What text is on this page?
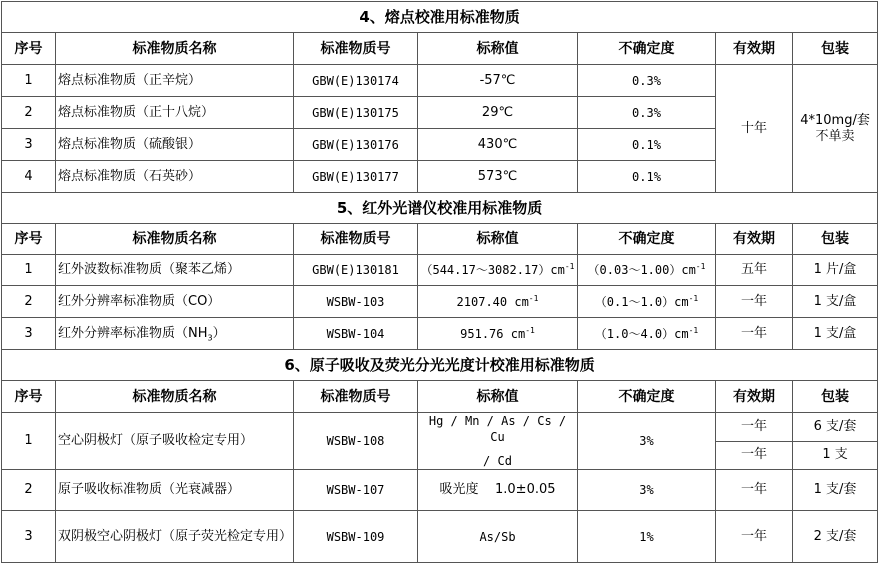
4、熔点校准用标准物质						
序号	标准物质名称	标准物质号	标称值	不确定度	有效期	包装
1	熔点标准物质（正辛烷）	GBW(E)130174	-57℃	0.3%	十年	4*10mg/套
不单卖

2	熔点标准物质（正十八烷）	GBW(E)130175	29℃	0.3%		
3	熔点标准物质（硫酸银）	GBW(E)130176	430℃	0.1%		
4	熔点标准物质（石英砂）	GBW(E)130177	573℃	0.1%		
5、红外光谱仪校准用标准物质						
序号	标准物质名称	标准物质号	标称值	不确定度	有效期	包装
1	红外波数标准物质（聚苯乙烯）	GBW(E)130181	$(544.17\sim 3082.17)cm^{-1}$	$(0.03\sim 1.00)cm^{-1}$	五年	1 片/盒
2	红外分辨率标准物质（CO）	WSBW-103	2107.40 $cm^{-1}$	$(0.1\sim 1.0)cm^{-1}$	一年	1 支/盒
3	红外分辨率标准物质$(NH_3)$	WSBW-104	951.76 $cm^{-1}$	$(1.0\sim 4.0)cm^{-1}$	一年	1 支/盒
6、原子吸收及荧光分光光度计校准用标准物质						
序号	标准物质名称	标准物质号	标称值	不确定度	有效期	包装
1	空心阴极灯（原子吸收检定专用）	WSBW-108	Hg / Mn / As / Cs / Cu
/ Cd	3%	一年	6 支/套
					一年	1 支
2	原子吸收标准物质（光衰减器）	WSBW-107	吸光度    1.0±0.05	3%	一年	1 支/套
3	双阴极空心阴极灯（原子荧光检定专用）	WSBW-109	As/Sb	1%	一年	2 支/套
